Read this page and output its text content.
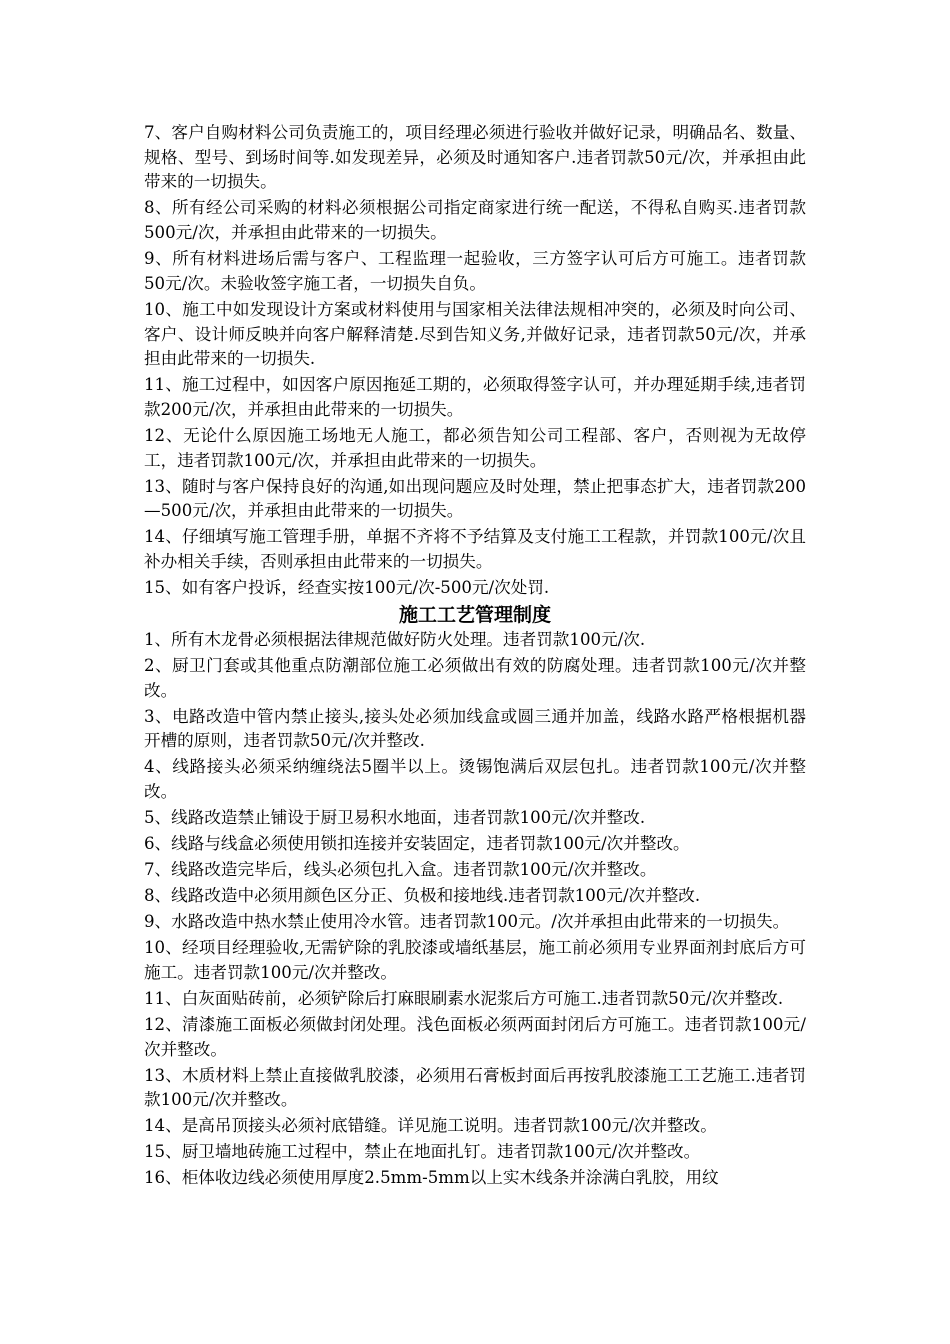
7、客户自购材料公司负责施工的，项目经理必须进行验收并做好记录，明确品名、数量、规格、型号、到场时间等.如发现差异，必须及时通知客户.违者罚款50元/次，并承担由此带来的一切损失。

8、所有经公司采购的材料必须根据公司指定商家进行统一配送，不得私自购买.违者罚款500元/次，并承担由此带来的一切损失。

9、所有材料进场后需与客户、工程监理一起验收，三方签字认可后方可施工。违者罚款50元/次。未验收签字施工者，一切损失自负。

10、施工中如发现设计方案或材料使用与国家相关法律法规相冲突的，必须及时向公司、客户、设计师反映并向客户解释清楚.尽到告知义务,并做好记录，违者罚款50元/次，并承担由此带来的一切损失.

11、施工过程中，如因客户原因拖延工期的，必须取得签字认可，并办理延期手续,违者罚款200元/次，并承担由此带来的一切损失。

12、无论什么原因施工场地无人施工，都必须告知公司工程部、客户，否则视为无故停工，违者罚款100元/次，并承担由此带来的一切损失。

13、随时与客户保持良好的沟通,如出现问题应及时处理，禁止把事态扩大，违者罚款200—500元/次，并承担由此带来的一切损失。

14、仔细填写施工管理手册，单据不齐将不予结算及支付施工工程款，并罚款100元/次且补办相关手续，否则承担由此带来的一切损失。

15、如有客户投诉，经查实按100元/次-500元/次处罚.

施工工艺管理制度

1、所有木龙骨必须根据法律规范做好防火处理。违者罚款100元/次.

2、厨卫门套或其他重点防潮部位施工必须做出有效的防腐处理。违者罚款100元/次并整改。

3、电路改造中管内禁止接头,接头处必须加线盒或圆三通并加盖，线路水路严格根据机器开槽的原则，违者罚款50元/次并整改.

4、线路接头必须采纳缠绕法5圈半以上。烫锡饱满后双层包扎。违者罚款100元/次并整改。

5、线路改造禁止铺设于厨卫易积水地面，违者罚款100元/次并整改.

6、线路与线盒必须使用锁扣连接并安装固定，违者罚款100元/次并整改。

7、线路改造完毕后，线头必须包扎入盒。违者罚款100元/次并整改。

8、线路改造中必须用颜色区分正、负极和接地线.违者罚款100元/次并整改.

9、水路改造中热水禁止使用冷水管。违者罚款100元。/次并承担由此带来的一切损失。

10、经项目经理验收,无需铲除的乳胶漆或墙纸基层，施工前必须用专业界面剂封底后方可施工。违者罚款100元/次并整改。

11、白灰面贴砖前，必须铲除后打麻眼刷素水泥浆后方可施工.违者罚款50元/次并整改.

12、清漆施工面板必须做封闭处理。浅色面板必须两面封闭后方可施工。违者罚款100元/次并整改。

13、木质材料上禁止直接做乳胶漆，必须用石膏板封面后再按乳胶漆施工工艺施工.违者罚款100元/次并整改。

14、是高吊顶接头必须衬底错缝。详见施工说明。违者罚款100元/次并整改。

15、厨卫墙地砖施工过程中，禁止在地面扎钉。违者罚款100元/次并整改。

16、柜体收边线必须使用厚度2.5mm-5mm以上实木线条并涂满白乳胶，用纹
